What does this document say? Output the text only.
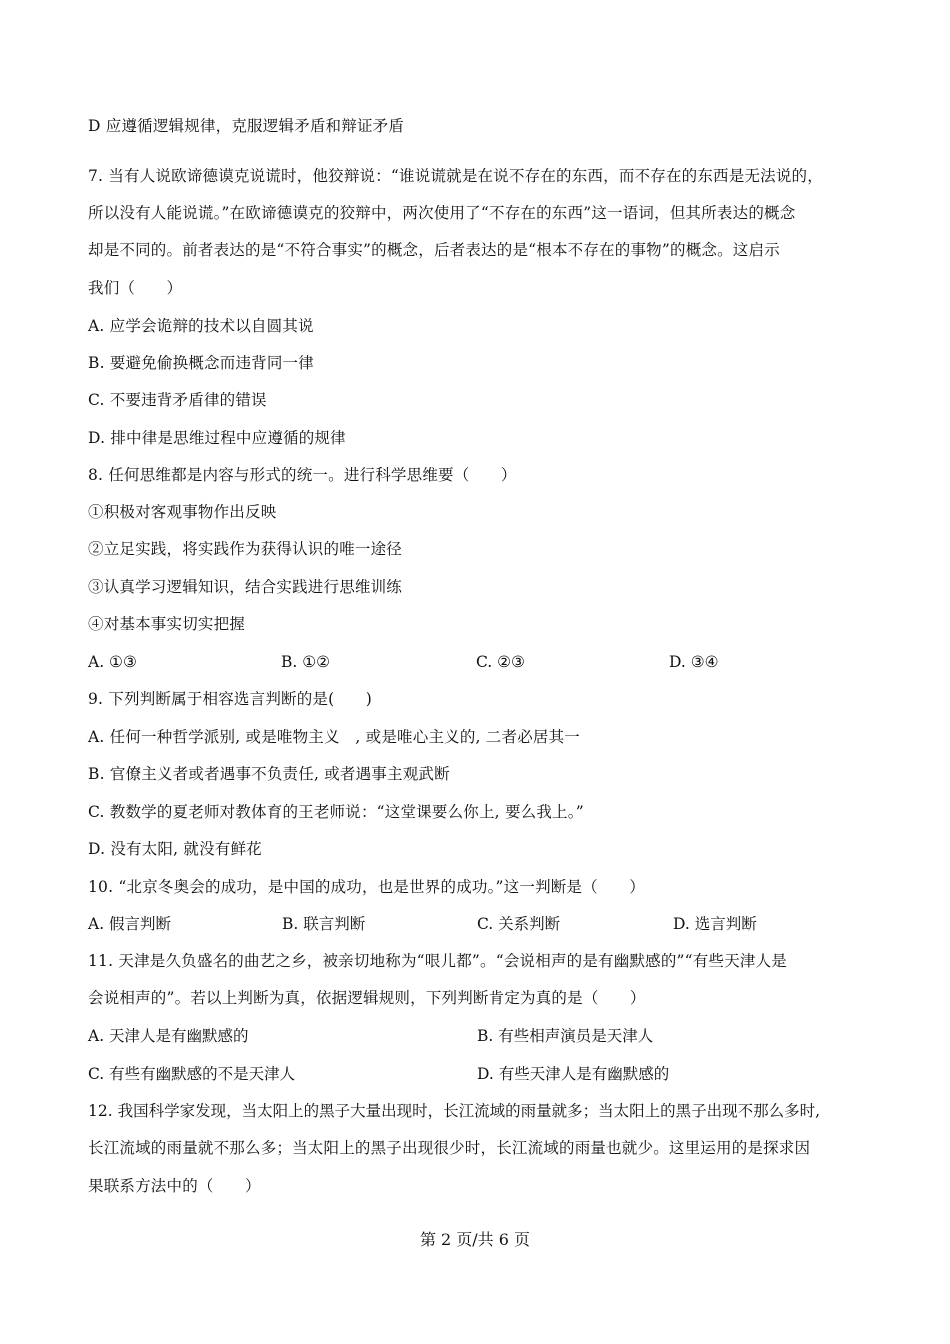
D 应遵循逻辑规律，克服逻辑矛盾和辩证矛盾
7. 当有人说欧谛德谟克说谎时，他狡辩说：“谁说谎就是在说不存在的东西，而不存在的东西是无法说的，
所以没有人能说谎。”在欧谛德谟克的狡辩中，两次使用了“不存在的东西”这一语词，但其所表达的概念
却是不同的。前者表达的是“不符合事实”的概念，后者表达的是“根本不存在的事物”的概念。这启示
我们（　　）
A. 应学会诡辩的技术以自圆其说
B. 要避免偷换概念而违背同一律
C. 不要违背矛盾律的错误
D. 排中律是思维过程中应遵循的规律
8. 任何思维都是内容与形式的统一。进行科学思维要（　　）
①积极对客观事物作出反映
②立足实践，将实践作为获得认识的唯一途径
③认真学习逻辑知识，结合实践进行思维训练
④对基本事实切实把握
A. ①③	B. ①②	C. ②③	D. ③④
9. 下列判断属于相容选言判断的是(　　)
A. 任何一种哲学派别, 或是唯物主义　, 或是唯心主义的, 二者必居其一
B. 官僚主义者或者遇事不负责任, 或者遇事主观武断
C. 教数学的夏老师对教体育的王老师说：“这堂课要么你上, 要么我上。”
D. 没有太阳, 就没有鲜花
10. “北京冬奥会的成功，是中国的成功，也是世界的成功。”这一判断是（　　）
A. 假言判断	B. 联言判断	C. 关系判断	D. 选言判断
11. 天津是久负盛名的曲艺之乡，被亲切地称为“哏儿都”。“会说相声的是有幽默感的”“有些天津人是
会说相声的”。若以上判断为真，依据逻辑规则，下列判断肯定为真的是（　　）
A. 天津人是有幽默感的	B. 有些相声演员是天津人
C. 有些有幽默感的不是天津人	D. 有些天津人是有幽默感的
12. 我国科学家发现，当太阳上的黑子大量出现时，长江流域的雨量就多；当太阳上的黑子出现不那么多时,
长江流域的雨量就不那么多；当太阳上的黑子出现很少时，长江流域的雨量也就少。这里运用的是探求因
果联系方法中的（　　）
第 2 页/共 6 页
